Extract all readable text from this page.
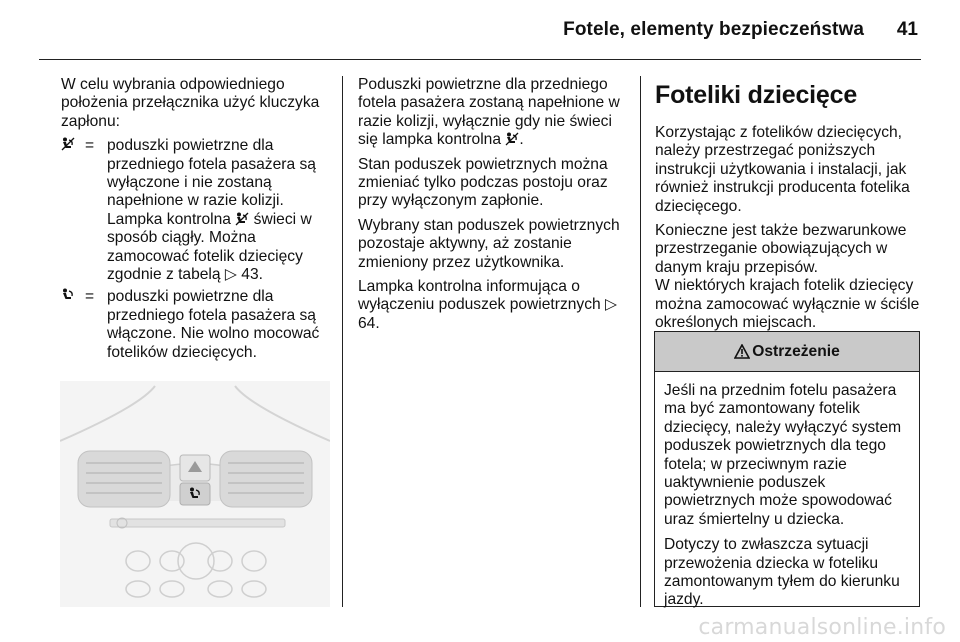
Fotele, elementy bezpieczeństwa 41

W celu wybrania odpowiedniego położenia przełącznika użyć kluczyka zapłonu:

= poduszki powietrzne dla przedniego fotela pasażera są wyłączone i nie zostaną napełnione w razie kolizji. Lampka kontrolna świeci w sposób ciągły. Można zamocować fotelik dziecięcy zgodnie z tabelą ▷ 43.
= poduszki powietrzne dla przedniego fotela pasażera są włączone. Nie wolno mocować fotelików dziecięcych.

Poduszki powietrzne dla przedniego fotela pasażera zostaną napełnione w razie kolizji, wyłącznie gdy nie świeci się lampka kontrolna .

Stan poduszek powietrznych można zmieniać tylko podczas postoju oraz przy wyłączonym zapłonie.

Wybrany stan poduszek powietrznych pozostaje aktywny, aż zostanie zmieniony przez użytkownika.

Lampka kontrolna informująca o wyłączeniu poduszek powietrznych ▷ 64.

Foteliki dziecięce

Korzystając z fotelików dziecięcych, należy przestrzegać poniższych instrukcji użytkowania i instalacji, jak również instrukcji producenta fotelika dziecięcego.

Konieczne jest także bezwarunkowe przestrzeganie obowiązujących w danym kraju przepisów.

W niektórych krajach fotelik dziecięcy można zamocować wyłącznie w ściśle określonych miejscach.

Ostrzeżenie

Jeśli na przednim fotelu pasażera ma być zamontowany fotelik dziecięcy, należy wyłączyć system poduszek powietrznych dla tego fotela; w przeciwnym razie uaktywnienie poduszek powietrznych może spowodować uraz śmiertelny u dziecka.

Dotyczy to zwłaszcza sytuacji przewożenia dziecka w foteliku zamontowanym tyłem do kierunku jazdy.

carmanualsonline.info
